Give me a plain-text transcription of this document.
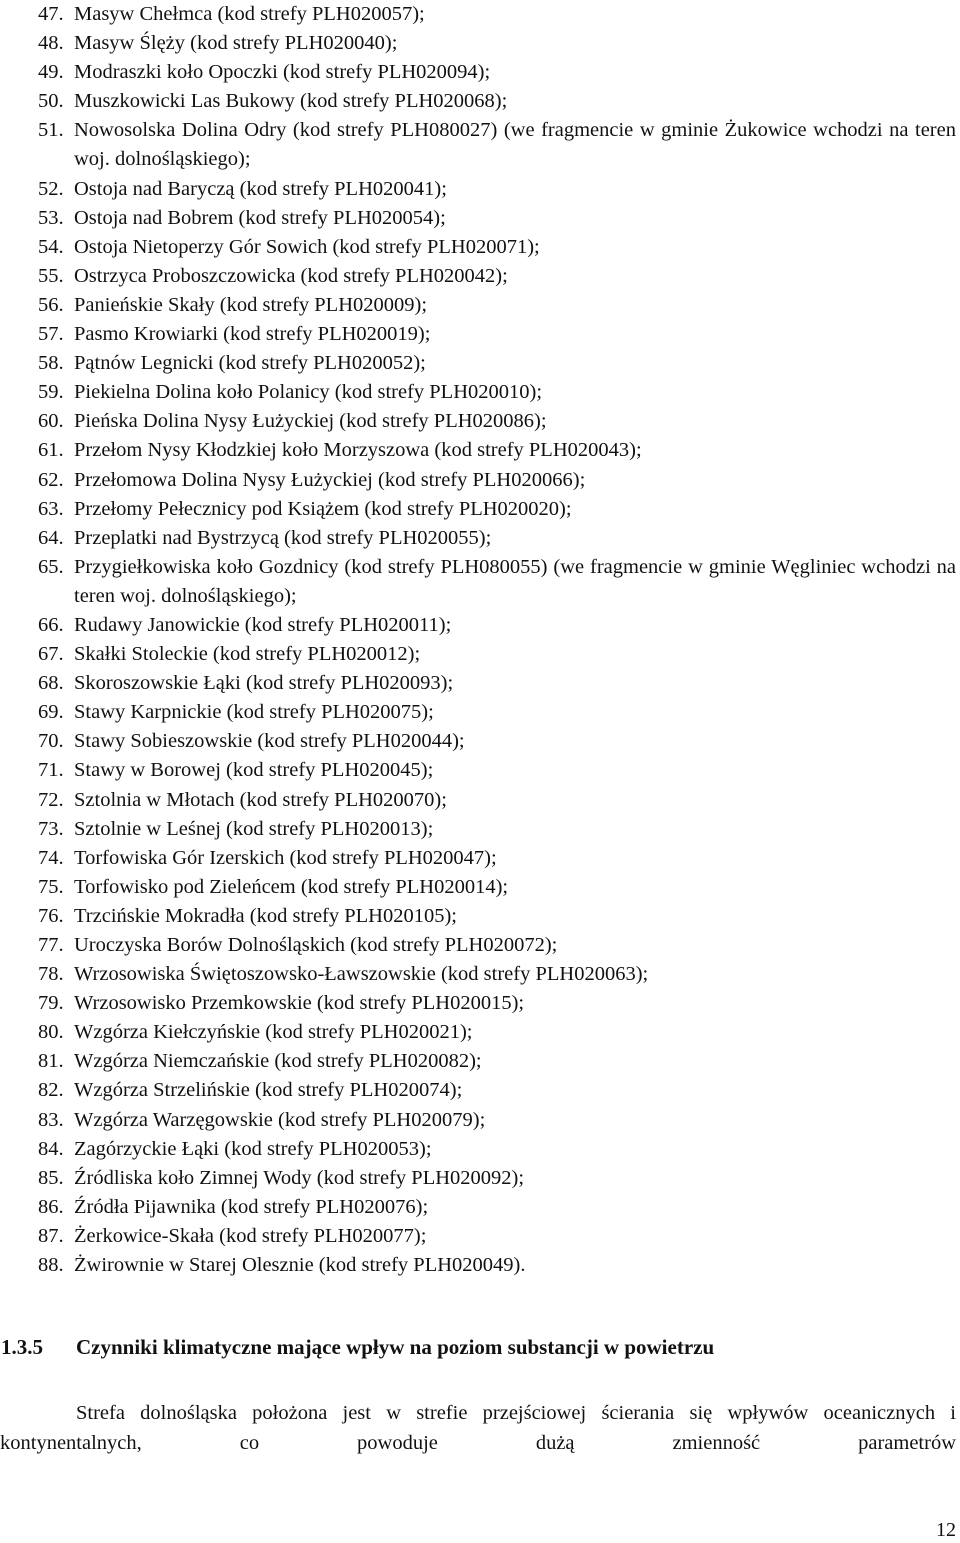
47. Masyw Chełmca (kod strefy PLH020057);
48. Masyw Ślęży (kod strefy PLH020040);
49. Modraszki koło Opoczki (kod strefy PLH020094);
50. Muszkowicki Las Bukowy (kod strefy PLH020068);
51. Nowosolska Dolina Odry (kod strefy PLH080027) (we fragmencie w gminie Żukowice wchodzi na teren woj. dolnośląskiego);
52. Ostoja nad Baryczą (kod strefy PLH020041);
53. Ostoja nad Bobrem (kod strefy PLH020054);
54. Ostoja Nietoperzy Gór Sowich (kod strefy PLH020071);
55. Ostrzyca Proboszczowicka (kod strefy PLH020042);
56. Panieńskie Skały (kod strefy PLH020009);
57. Pasmo Krowiarki (kod strefy PLH020019);
58. Pątnów Legnicki (kod strefy PLH020052);
59. Piekielna Dolina koło Polanicy (kod strefy PLH020010);
60. Pieńska Dolina Nysy Łużyckiej (kod strefy PLH020086);
61. Przełom Nysy Kłodzkiej koło Morzyszowa (kod strefy PLH020043);
62. Przełomowa Dolina Nysy Łużyckiej (kod strefy PLH020066);
63. Przełomy Pełecznicy pod Książem (kod strefy PLH020020);
64. Przeplatki nad Bystrzycą (kod strefy PLH020055);
65. Przygiełkowiska koło Gozdnicy (kod strefy PLH080055) (we fragmencie w gminie Węgliniec wchodzi na teren woj. dolnośląskiego);
66. Rudawy Janowickie (kod strefy PLH020011);
67. Skałki Stoleckie (kod strefy PLH020012);
68. Skoroszowskie Łąki (kod strefy PLH020093);
69. Stawy Karpnickie (kod strefy PLH020075);
70. Stawy Sobieszowskie (kod strefy PLH020044);
71. Stawy w Borowej (kod strefy PLH020045);
72. Sztolnia w Młotach (kod strefy PLH020070);
73. Sztolnie w Leśnej (kod strefy PLH020013);
74. Torfowiska Gór Izerskich (kod strefy PLH020047);
75. Torfowisko pod Zieleńcem (kod strefy PLH020014);
76. Trzcińskie Mokradła (kod strefy PLH020105);
77. Uroczyska Borów Dolnośląskich (kod strefy PLH020072);
78. Wrzosowiska Świętoszowsko-Ławszowskie (kod strefy PLH020063);
79. Wrzosowisko Przemkowskie (kod strefy PLH020015);
80. Wzgórza Kiełczyńskie (kod strefy PLH020021);
81. Wzgórza Niemczańskie (kod strefy PLH020082);
82. Wzgórza Strzelińskie (kod strefy PLH020074);
83. Wzgórza Warzęgowskie (kod strefy PLH020079);
84. Zagórzyckie Łąki (kod strefy PLH020053);
85. Źródliska koło Zimnej Wody (kod strefy PLH020092);
86. Źródła Pijawnika (kod strefy PLH020076);
87. Żerkowice-Skała (kod strefy PLH020077);
88. Żwirownie w Starej Olesznie (kod strefy PLH020049).
1.3.5	Czynniki klimatyczne mające wpływ na poziom substancji w powietrzu
Strefa dolnośląska położona jest w strefie przejściowej ścierania się wpływów oceanicznych i kontynentalnych, co powoduje dużą zmienność parametrów
12
